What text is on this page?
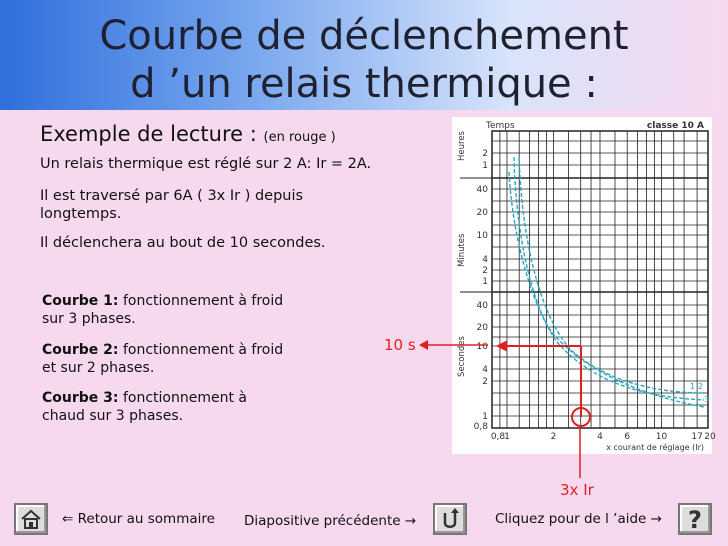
Courbe de déclenchement
d ’un relais thermique :
Exemple de lecture : (en rouge )
Un relais thermique est réglé sur 2 A: Ir = 2A.
Il est traversé par 6A ( 3x Ir ) depuis
longtemps.
Il déclenchera au bout de 10 secondes.
Courbe 1: fonctionnement à froid
sur 3 phases.
Courbe 2: fonctionnement à froid
et sur 2 phases.
Courbe 3: fonctionnement à
chaud sur 3 phases.
Temps	classe 10 A
Heures
Minutes
Secondes
2
1
40
20
10
4
2
1
40
20
10
4
2
1
0,8
0,8
1	2	4 6	10	17 20
x courant de réglage (Ir)
1 2
3
10 s
3x Ir
⇐ Retour au sommaire Diapositive précédente →	Cliquez pour de l ’aide → ?
